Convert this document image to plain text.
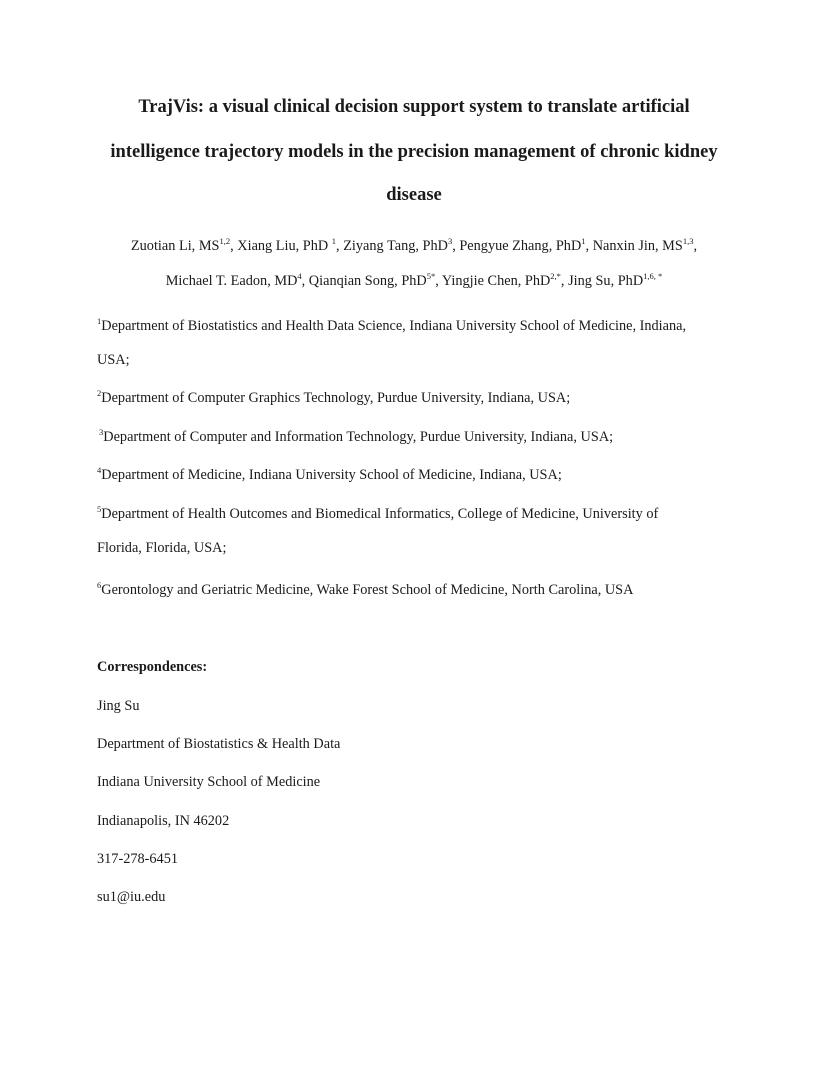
TrajVis: a visual clinical decision support system to translate artificial
intelligence trajectory models in the precision management of chronic kidney
disease
Zuotian Li, MS$^{1,2}$, Xiang Liu, PhD $^1$, Ziyang Tang, PhD$^3$, Pengyue Zhang, PhD$^1$, Nanxin Jin, MS$^{1,3}$,
Michael T. Eadon, $MD^4$, Qianqian Song, PhD$^{5*}$, Yingjie Chen, PhD$^{2,*}$, Jing Su, PhD$^{1,6, *}$
$^1$Department of Biostatistics and Health Data Science, Indiana University School of Medicine, Indiana,
USA;
$^2$Department of Computer Graphics Technology, Purdue University, Indiana, USA;
$^3$Department of Computer and Information Technology, Purdue University, Indiana, USA;
$^4$Department of Medicine, Indiana University School of Medicine, Indiana, USA;
$^5$Department of Health Outcomes and Biomedical Informatics, College of Medicine, University of
Florida, Florida, USA;
$^6$Gerontology and Geriatric Medicine, Wake Forest School of Medicine, North Carolina, USA
Correspondences:
Jing Su
Department of Biostatistics & Health Data
Indiana University School of Medicine
Indianapolis, IN 46202
317-278-6451
su1@iu.edu
